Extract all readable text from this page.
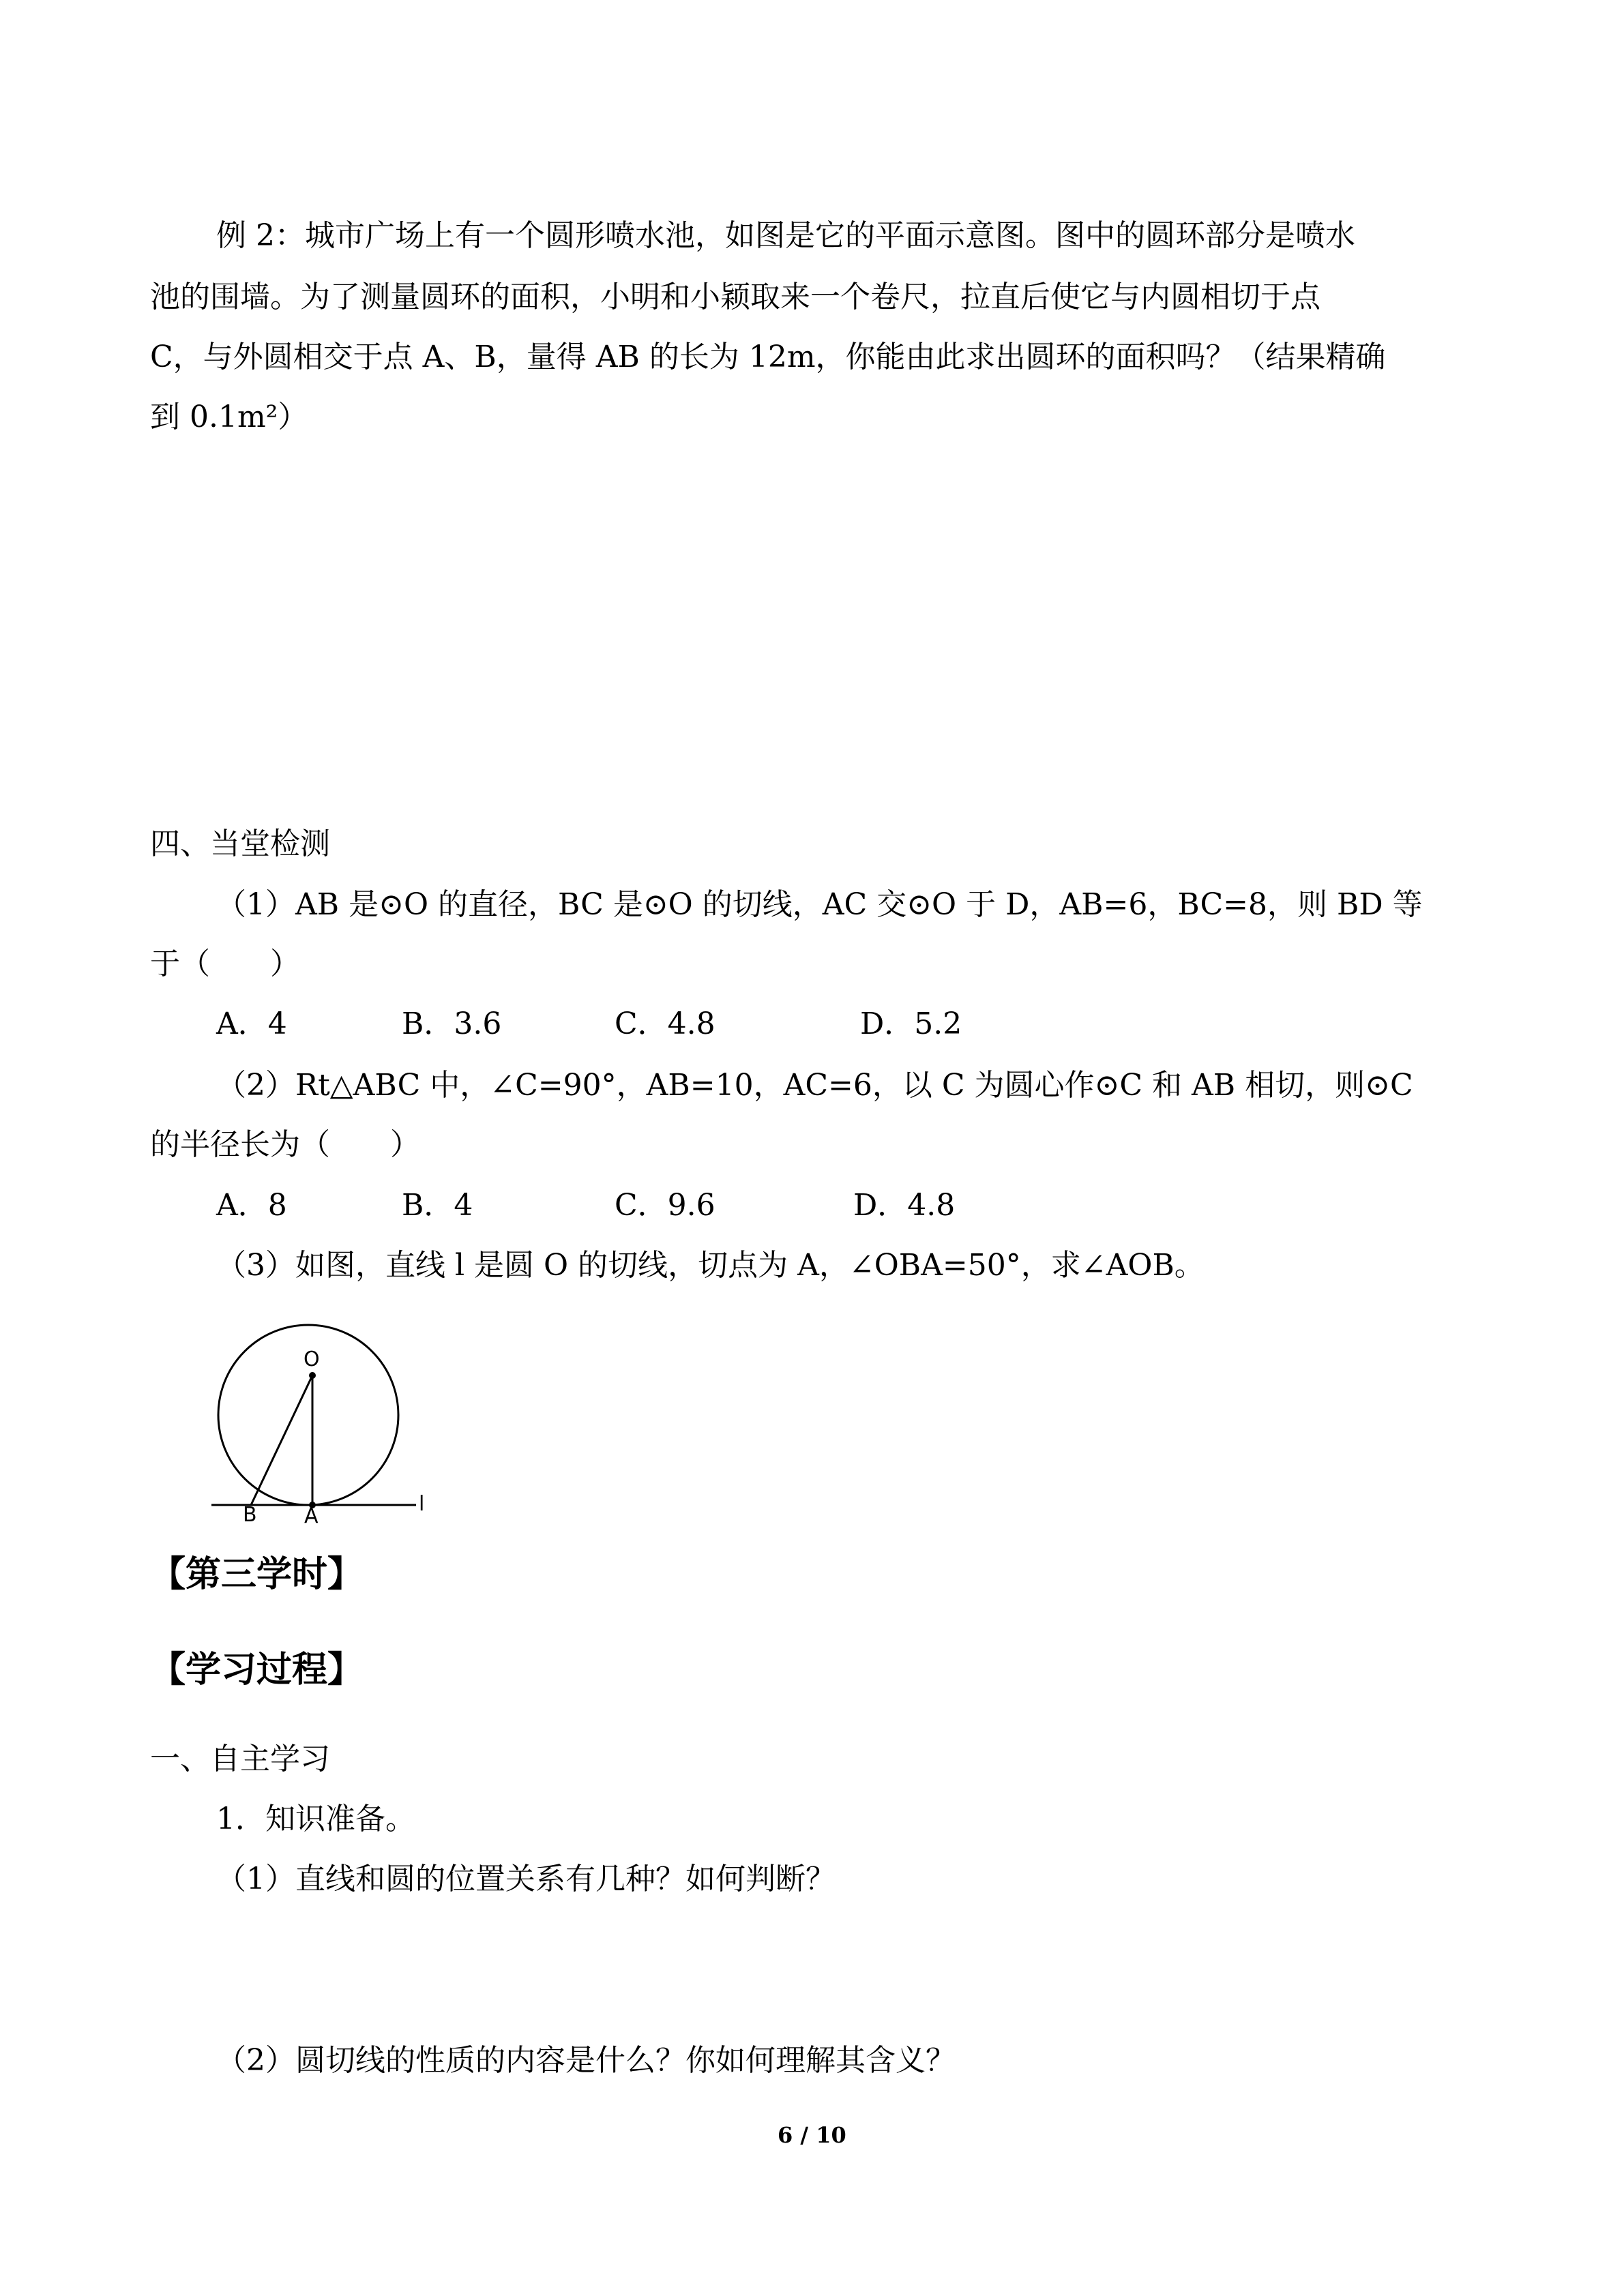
例 2：城市广场上有一个圆形喷水池，如图是它的平面示意图。图中的圆环部分是喷水
池的围墙。为了测量圆环的面积，小明和小颖取来一个卷尺，拉直后使它与内圆相切于点
C，与外圆相交于点 A、B，量得 AB 的长为 12m，你能由此求出圆环的面积吗？（结果精确
到 0.1m²）
四、当堂检测
（1）AB 是⊙O 的直径，BC 是⊙O 的切线，AC 交⊙O 于 D，AB=6，BC=8，则 BD 等
于（　　）
A．4	B．3.6	C．4.8	D．5.2
（2）Rt△ABC 中，∠C=90°，AB=10，AC=6，以 C 为圆心作⊙C 和 AB 相切，则⊙C
的半径长为（　　）
A．8	B．4	C．9.6	D．4.8
（3）如图，直线 l 是圆 O 的切线，切点为 A，∠OBA=50°，求∠AOB。
O
B A
l
【第三学时】
【学习过程】
一、自主学习
1．知识准备。
（1）直线和圆的位置关系有几种？如何判断？
（2）圆切线的性质的内容是什么？你如何理解其含义？
6 / 10
